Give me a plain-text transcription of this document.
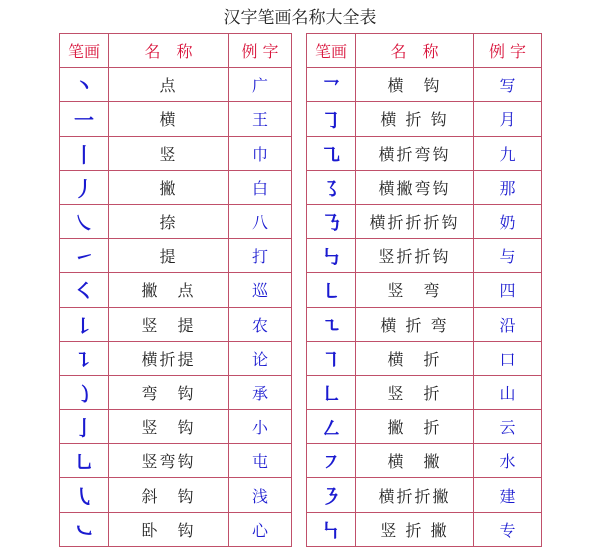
汉字笔画名称大全表
笔画	名　称	例 字
丶	点	广
一	横	王
丨	竖	巾
丿	撇	白
㇏	捺	八
㇀	提	打
㇛	撇　点	巡
㇙	竖　提	农
㇊	横折提	论
㇁	弯　钩	承
亅	竖　钩	小
㇟	竖弯钩	屯
㇂	斜　钩	浅
㇃	卧　钩	心
笔画	名　称	例 字
㇖	横　钩	写
㇆	横 折 钩	月
㇈	横折弯钩	九
㇌	横撇弯钩	那
㇡	横折折折钩	奶
㇉	竖折折钩	与
㇄	竖　弯	四
㇍	横 折 弯	沿
㇕	横　折	口
㇗	竖　折	山
㇜	撇　折	云
㇇	横　撇	水
㇋	横折折撇	建
㇞	竖 折 撇	专
